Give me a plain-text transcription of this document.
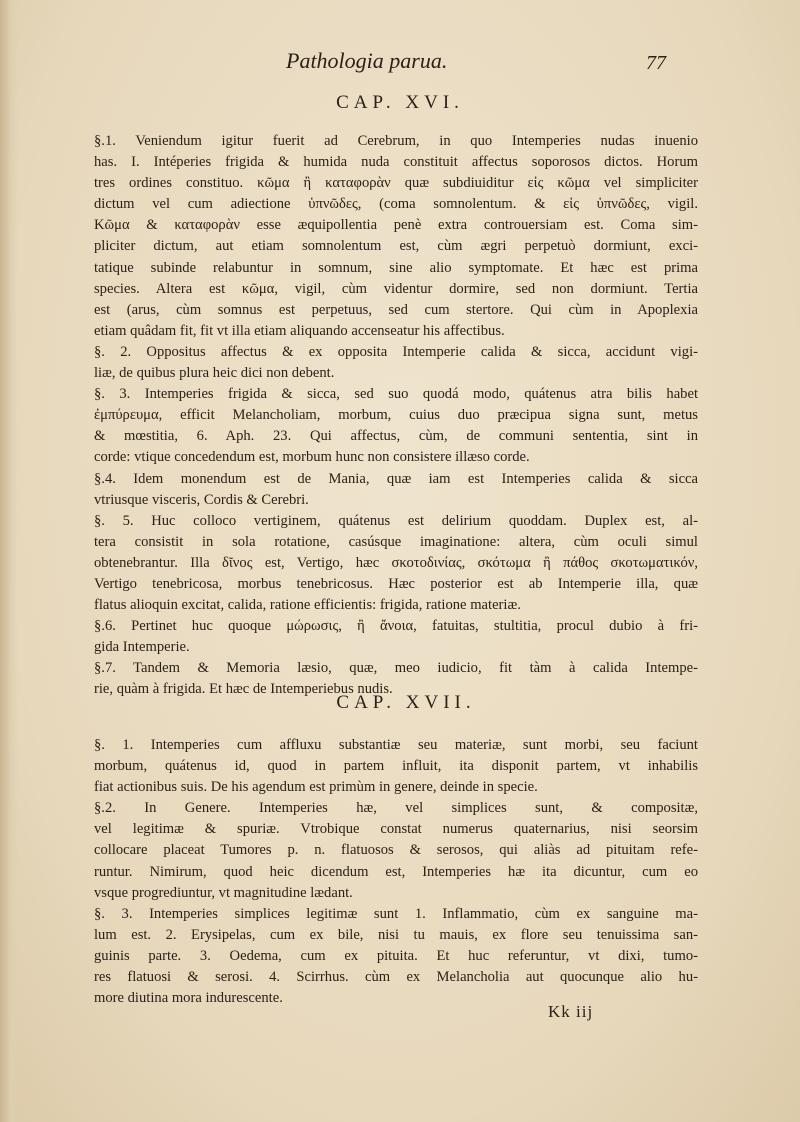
Pathologia parua.	77
CAP. XVI.
§.1. Veniendum igitur fuerit ad Cerebrum, in quo Intemperies nudas inuenio
has. I. Intéperies frigida & humida nuda constituit affectus soporosos dictos. Horum
tres ordines constituo. κῶμα ἢ καταφορὰν quæ subdiuiditur εἰς κῶμα vel simpliciter
dictum vel cum adiectione ὑπνῶδες, (coma somnolentum. & εἰς ὑπνῶδες, vigil.
Κῶμα & καταφορὰν esse æquipollentia penè extra controuersiam est. Coma sim-
pliciter dictum, aut etiam somnolentum est, cùm ægri perpetuò dormiunt, exci-
tatique subinde relabuntur in somnum, sine alio symptomate. Et hæc est prima
species. Altera est κῶμα, vigil, cùm videntur dormire, sed non dormiunt. Tertia
est (arus, cùm somnus est perpetuus, sed cum stertore. Qui cùm in Apoplexia
etiam quâdam fit, fit vt illa etiam aliquando accenseatur his affectibus.
§. 2. Oppositus affectus & ex opposita Intemperie calida & sicca, accidunt vigi-
liæ, de quibus plura heic dici non debent.
§. 3. Intemperies frigida & sicca, sed suo quodá modo, quátenus atra bilis habet
ἐμπύρευμα, efficit Melancholiam, morbum, cuius duo præcipua signa sunt, metus
& mœstitia, 6. Aph. 23. Qui affectus, cùm, de communi sententia, sint in
corde: vtique concedendum est, morbum hunc non consistere illæso corde.
§.4. Idem monendum est de Mania, quæ iam est Intemperies calida & sicca
vtriusque visceris, Cordis & Cerebri.
§. 5. Huc colloco vertiginem, quátenus est delirium quoddam. Duplex est, al-
tera consistit in sola rotatione, casúsque imaginatione: altera, cùm oculi simul
obtenebrantur. Illa δῖνος est, Vertigo, hæc σκοτοδινίας, σκότωμα ἢ πάθος σκοτωματικόν,
Vertigo tenebricosa, morbus tenebricosus. Hæc posterior est ab Intemperie illa, quæ
flatus alioquin excitat, calida, ratione efficientis: frigida, ratione materiæ.
§.6. Pertinet huc quoque μώρωσις, ἢ ἄνοια, fatuitas, stultitia, procul dubio à fri-
gida Intemperie.
§.7. Tandem & Memoria læsio, quæ, meo iudicio, fit tàm à calida Intempe-
rie, quàm à frigida. Et hæc de Intemperiebus nudis.
CAP. XVII.
§. 1. Intemperies cum affluxu substantiæ seu materiæ, sunt morbi, seu faciunt
morbum, quátenus id, quod in partem influit, ita disponit partem, vt inhabilis
fiat actionibus suis. De his agendum est primùm in genere, deinde in specie.
§.2. In Genere. Intemperies hæ, vel simplices sunt, & compositæ,
vel legitimæ & spuriæ. Vtrobique constat numerus quaternarius, nisi seorsim
collocare placeat Tumores p. n. flatuosos & serosos, qui aliàs ad pituitam refe-
runtur. Nimirum, quod heic dicendum est, Intemperies hæ ita dicuntur, cum eo
vsque progrediuntur, vt magnitudine lædant.
§. 3. Intemperies simplices legitimæ sunt 1. Inflammatio, cùm ex sanguine ma-
lum est. 2. Erysipelas, cum ex bile, nisi tu mauis, ex flore seu tenuissima san-
guinis parte. 3. Oedema, cum ex pituita. Et huc referuntur, vt dixi, tumo-
res flatuosi & serosi. 4. Scirrhus. cùm ex Melancholia aut quocunque alio hu-
more diutina mora indurescente.
Kk iij
